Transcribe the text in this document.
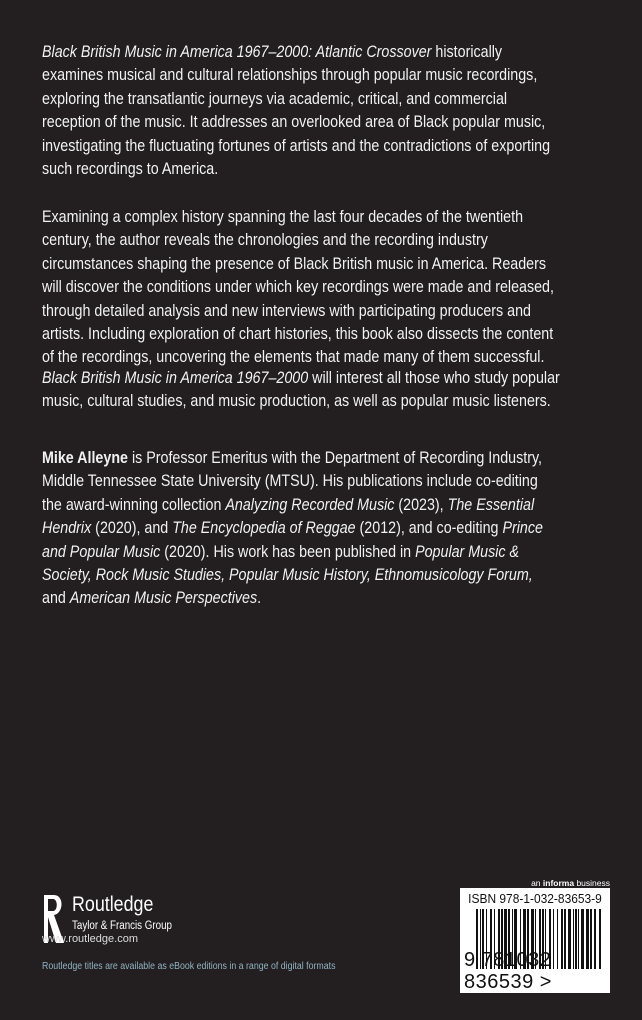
Black British Music in America 1967–2000: Atlantic Crossover historically
examines musical and cultural relationships through popular music recordings,
exploring the transatlantic journeys via academic, critical, and commercial
reception of the music. It addresses an overlooked area of Black popular music,
investigating the fluctuating fortunes of artists and the contradictions of exporting
such recordings to America.
Examining a complex history spanning the last four decades of the twentieth
century, the author reveals the chronologies and the recording industry
circumstances shaping the presence of Black British music in America. Readers
will discover the conditions under which key recordings were made and released,
through detailed analysis and new interviews with participating producers and
artists. Including exploration of chart histories, this book also dissects the content
of the recordings, uncovering the elements that made many of them successful.
Black British Music in America 1967–2000 will interest all those who study popular
music, cultural studies, and music production, as well as popular music listeners.
Mike Alleyne is Professor Emeritus with the Department of Recording Industry,
Middle Tennessee State University (MTSU). His publications include co-editing
the award-winning collection Analyzing Recorded Music (2023), The Essential
Hendrix (2020), and The Encyclopedia of Reggae (2012), and co-editing Prince
and Popular Music (2020). His work has been published in Popular Music &
Society, Rock Music Studies, Popular Music History, Ethnomusicology Forum,
and American Music Perspectives.
Routledge
Taylor & Francis Group
www.routledge.com
Routledge titles are available as eBook editions in a range of digital formats
an informa business
ISBN 978-1-032-83653-9
9 781032 836539 >
